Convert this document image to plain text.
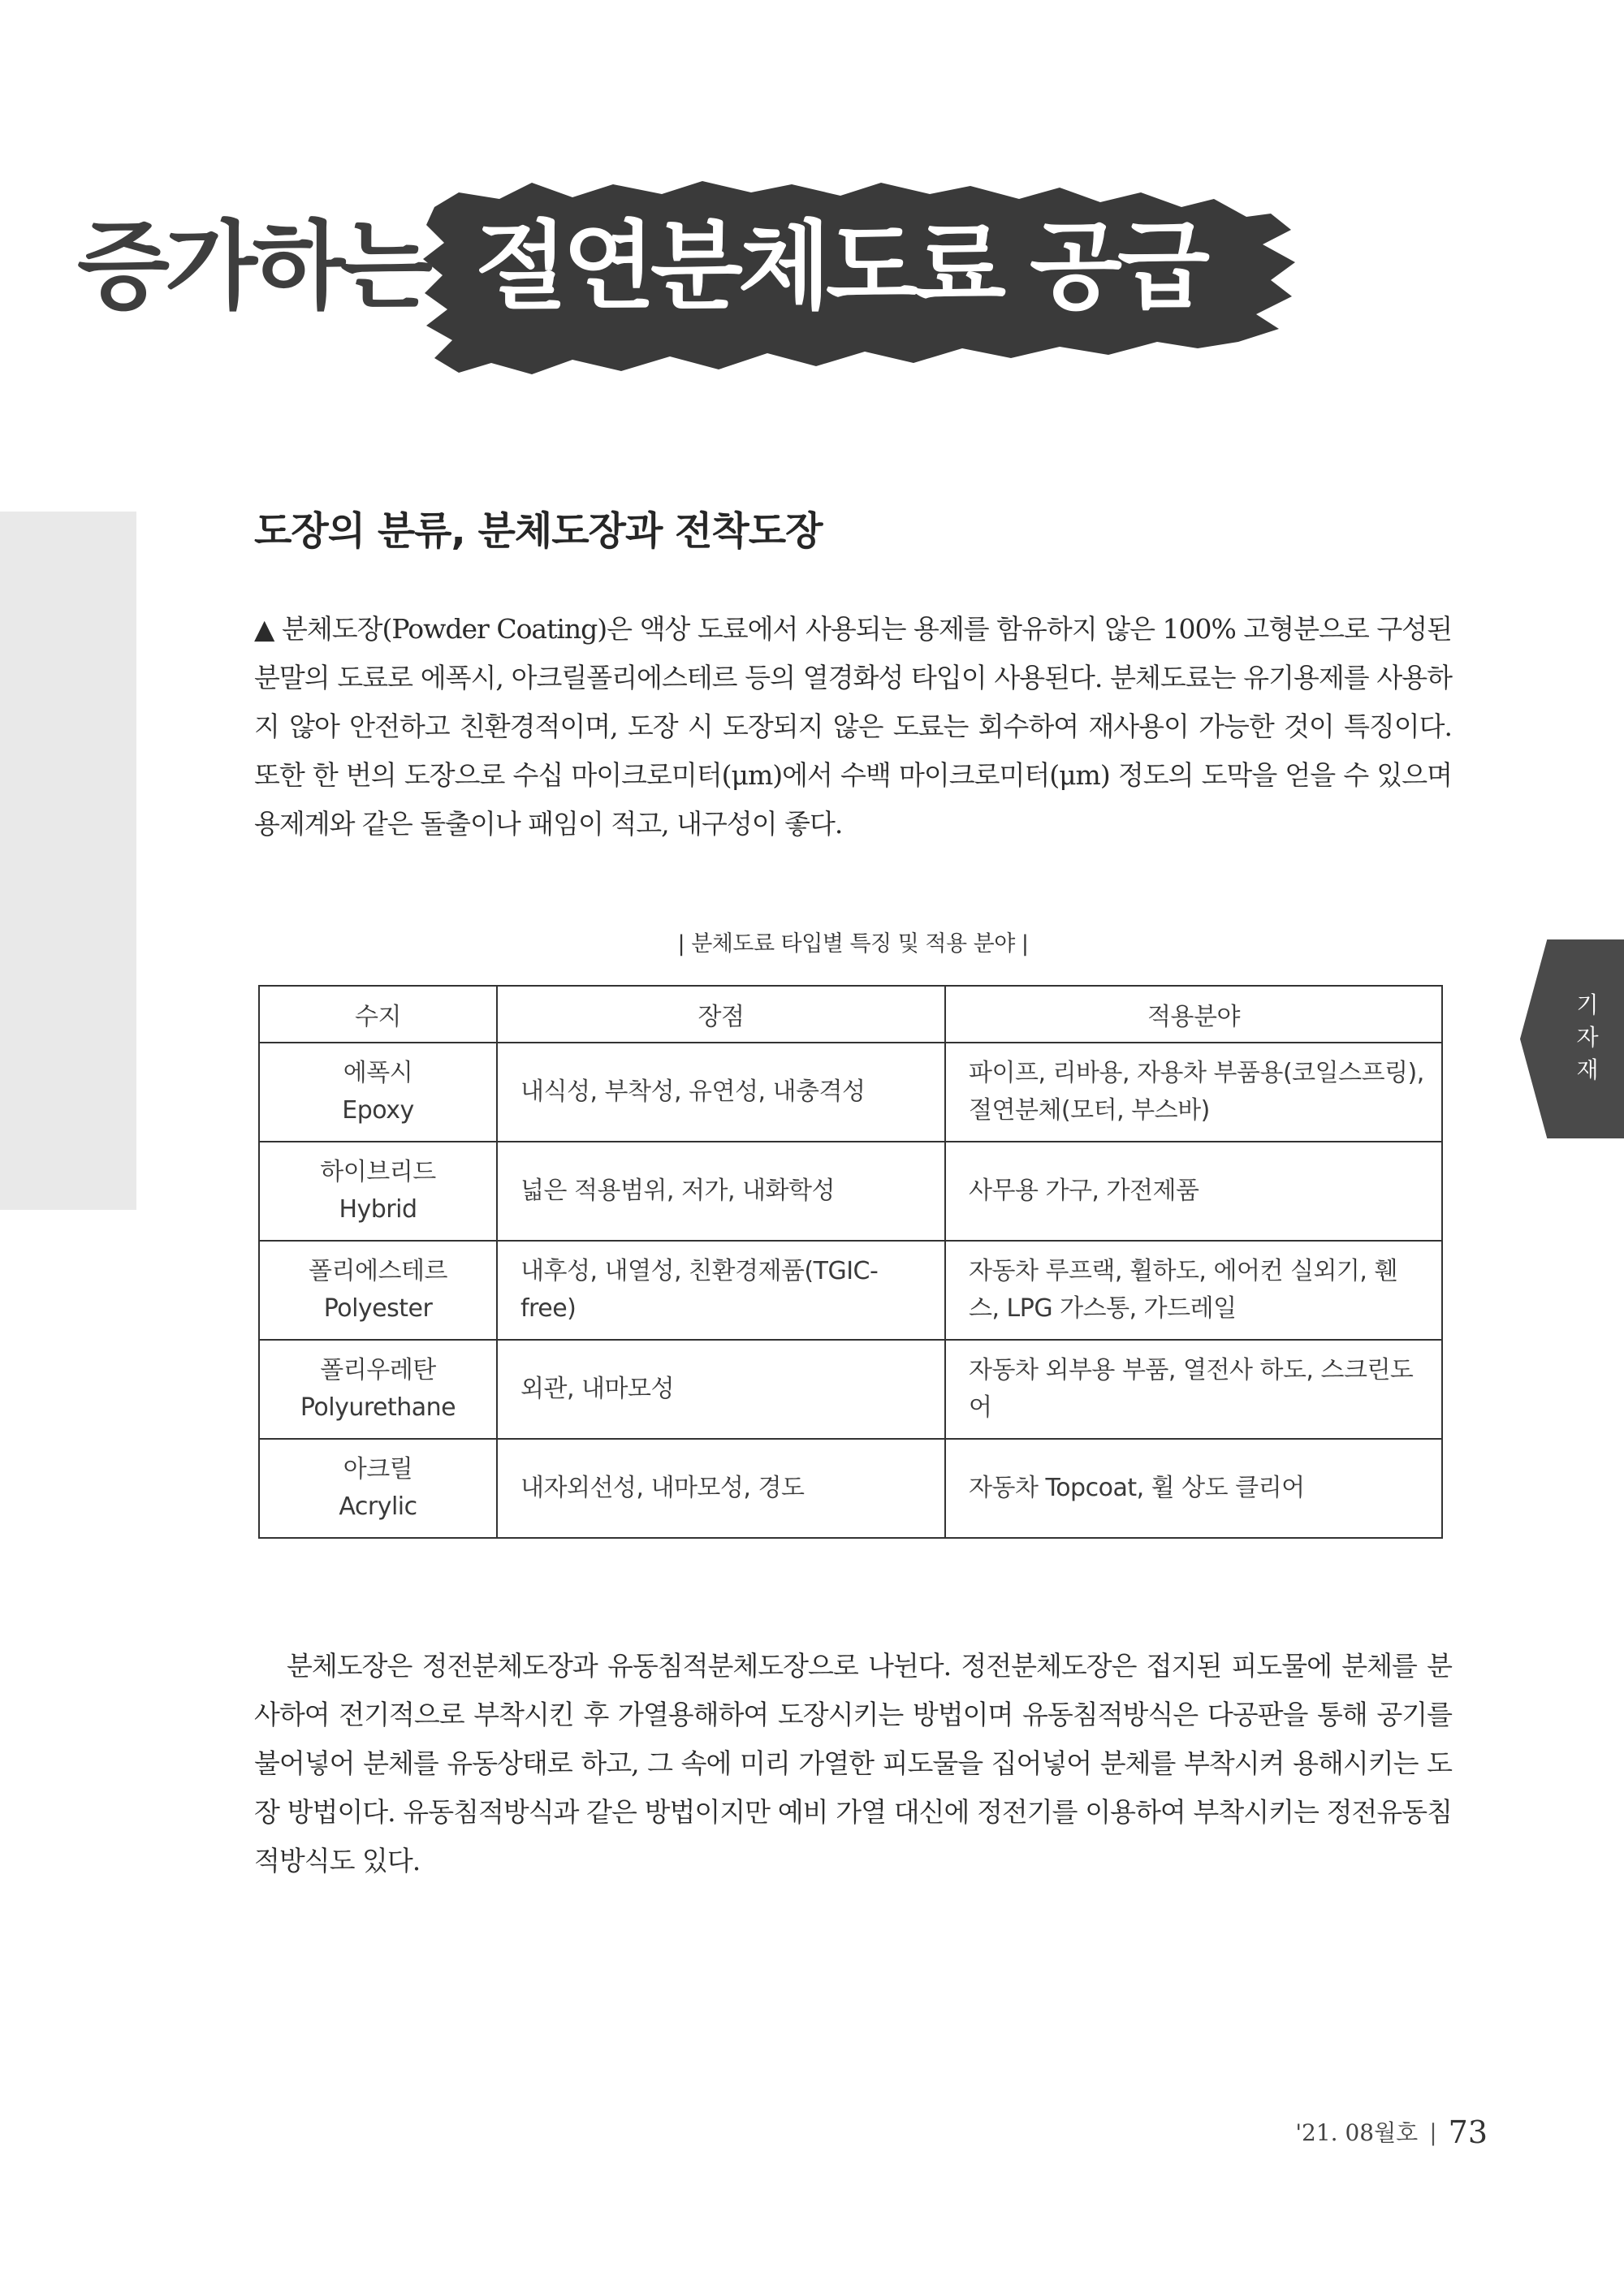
증가하는 절연분체도료 공급
도장의 분류, 분체도장과 전착도장

▲ 분체도장(Powder Coating)은 액상 도료에서 사용되는 용제를 함유하지 않은 100% 고형분으로 구성된 분말의 도료로 에폭시, 아크릴폴리에스테르 등의 열경화성 타입이 사용된다. 분체도료는 유기용제를 사용하지 않아 안전하고 친환경적이며, 도장 시 도장되지 않은 도료는 회수하여 재사용이 가능한 것이 특징이다. 또한 한 번의 도장으로 수십 마이크로미터(μm)에서 수백 마이크로미터(μm) 정도의 도막을 얻을 수 있으며 용제계와 같은 돌출이나 패임이 적고, 내구성이 좋다.

| 분체도료 타입별 특징 및 적용 분야 |
수지	장점	적용분야

에폭시
Epoxy	내식성, 부착성, 유연성, 내충격성	파이프, 리바용, 자용차 부품용(코일스프링), 절연분체(모터, 부스바)

하이브리드
Hybrid	넓은 적용범위, 저가, 내화학성	사무용 가구, 가전제품

폴리에스테르
Polyester	내후성, 내열성, 친환경제품(TGIC-free)	자동차 루프랙, 휠하도, 에어컨 실외기, 휀스, LPG 가스통, 가드레일

폴리우레탄
Polyurethane	외관, 내마모성	자동차 외부용 부품, 열전사 하도, 스크린도어

아크릴
Acrylic	내자외선성, 내마모성, 경도	자동차 Topcoat, 휠 상도 클리어

분체도장은 정전분체도장과 유동침적분체도장으로 나뉜다. 정전분체도장은 접지된 피도물에 분체를 분사하여 전기적으로 부착시킨 후 가열용해하여 도장시키는 방법이며 유동침적방식은 다공판을 통해 공기를 불어넣어 분체를 유동상태로 하고, 그 속에 미리 가열한 피도물을 집어넣어 분체를 부착시켜 용해시키는 도장 방법이다. 유동침적방식과 같은 방법이지만 예비 가열 대신에 정전기를 이용하여 부착시키는 정전유동침적방식도 있다.

기
자
재
'21. 08월호 | 73
